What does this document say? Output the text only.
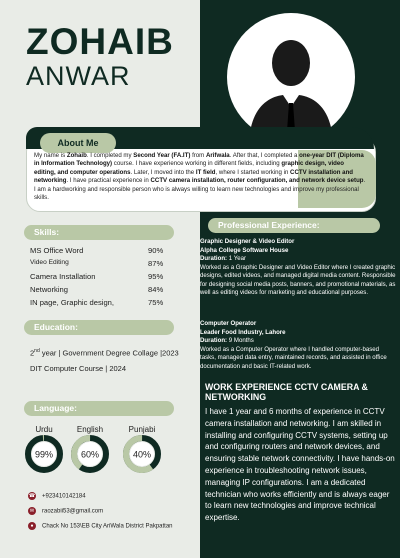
ZOHAIB
ANWAR
About Me
My name is Zohaib. I completed my Second Year (FA.IT) from Arifwala. After that, I completed a one-year DIT (Diploma in Information Technology) course. I have experience working in different fields, including graphic design, video editing, and computer operations. Later, I moved into the IT field, where I started working in CCTV installation and networking. I have practical experience in CCTV camera installation, router configuration, and network device setup. I am a hardworking and responsible person who is always willing to learn new technologies and improve my professional skills.
Skills:
MS Office Word	90%
Video Editing	87%
Camera Installation	95%
Networking	84%
IN page, Graphic design,	75%
Education:
2nd year | Government Degree Collage |2023
DIT Computer Course | 2024
Language:
Urdu
99%
English
60%
Punjabi
40%
☎ +923410142184
✉ raozabii53@gmail.com
● Chack No 153\EB City AriWala District Pakpattan
Professional Experience:
Graphic Designer & Video Editor
Alpha College Software House
Duration: 1 Year
Worked as a Graphic Designer and Video Editor where I created graphic designs, edited videos, and managed digital media content. Responsible for designing social media posts, banners, and promotional materials, as well as editing videos for marketing and educational purposes.
Computer Operator
Leader Food Industry, Lahore
Duration: 9 Months
Worked as a Computer Operator where I handled computer-based tasks, managed data entry, maintained records, and assisted in office documentation and basic IT-related work.
WORK EXPERIENCE CCTV CAMERA & NETWORKING
I have 1 year and 6 months of experience in CCTV camera installation and networking. I am skilled in installing and configuring CCTV systems, setting up and configuring routers and network devices, and ensuring stable network connectivity. I have hands-on experience in troubleshooting network issues, managing IP configurations. I am a dedicated technician who works efficiently and is always eager to learn new technologies and improve technical expertise.
